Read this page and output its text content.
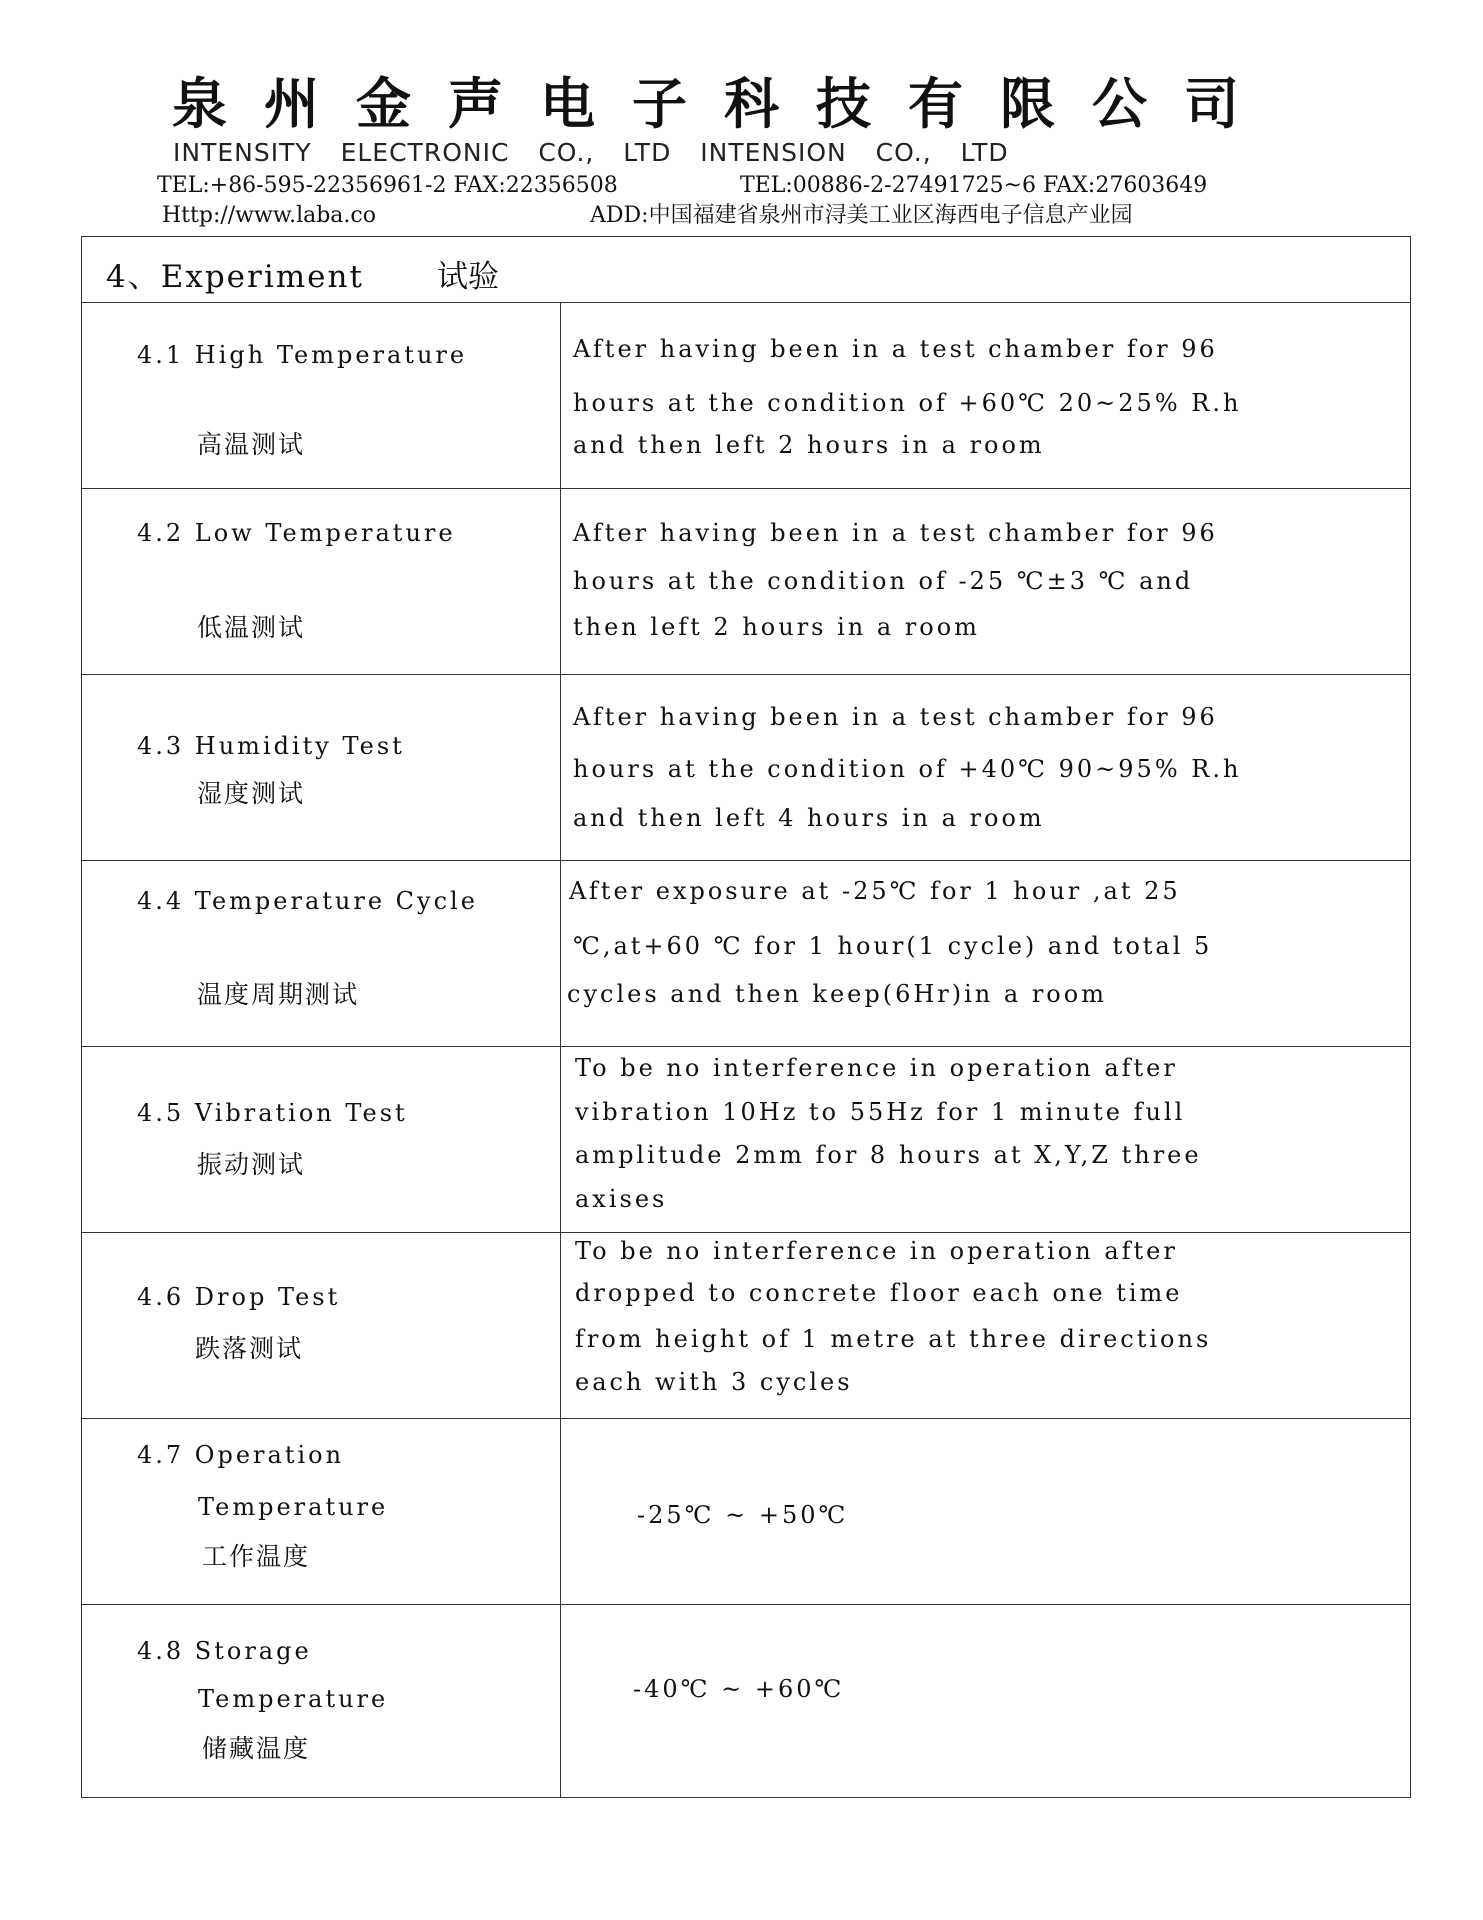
泉州金声电子科技有限公司
INTENSITY ELECTRONIC CO., LTD INTENSION CO., LTD
TEL:+86-595-22356961-2 FAX:22356508	TEL:00886-2-27491725~6 FAX:27603649
Http://www.laba.co	ADD:中国福建省泉州市浔美工业区海西电子信息产业园
4、Experiment 试验
4.1 High Temperature
高温测试
After having been in a test chamber for 96
hours at the condition of +60℃ 20~25% R.h
and then left 2 hours in a room
4.2 Low Temperature
低温测试
After having been in a test chamber for 96
hours at the condition of -25 ℃±3 ℃ and
then left 2 hours in a room
4.3 Humidity Test
湿度测试
After having been in a test chamber for 96
hours at the condition of +40℃ 90~95% R.h
and then left 4 hours in a room
4.4 Temperature Cycle
温度周期测试
After exposure at -25℃ for 1 hour ,at 25
℃,at+60 ℃ for 1 hour(1 cycle) and total 5
cycles and then keep(6Hr)in a room
4.5 Vibration Test
振动测试
To be no interference in operation after
vibration 10Hz to 55Hz for 1 minute full
amplitude 2mm for 8 hours at X,Y,Z three
axises
4.6 Drop Test
跌落测试
To be no interference in operation after
dropped to concrete floor each one time
from height of 1 metre at three directions
each with 3 cycles
4.7 Operation
Temperature
工作温度
-25℃ ~ +50℃
4.8 Storage
Temperature
储藏温度
-40℃ ~ +60℃
